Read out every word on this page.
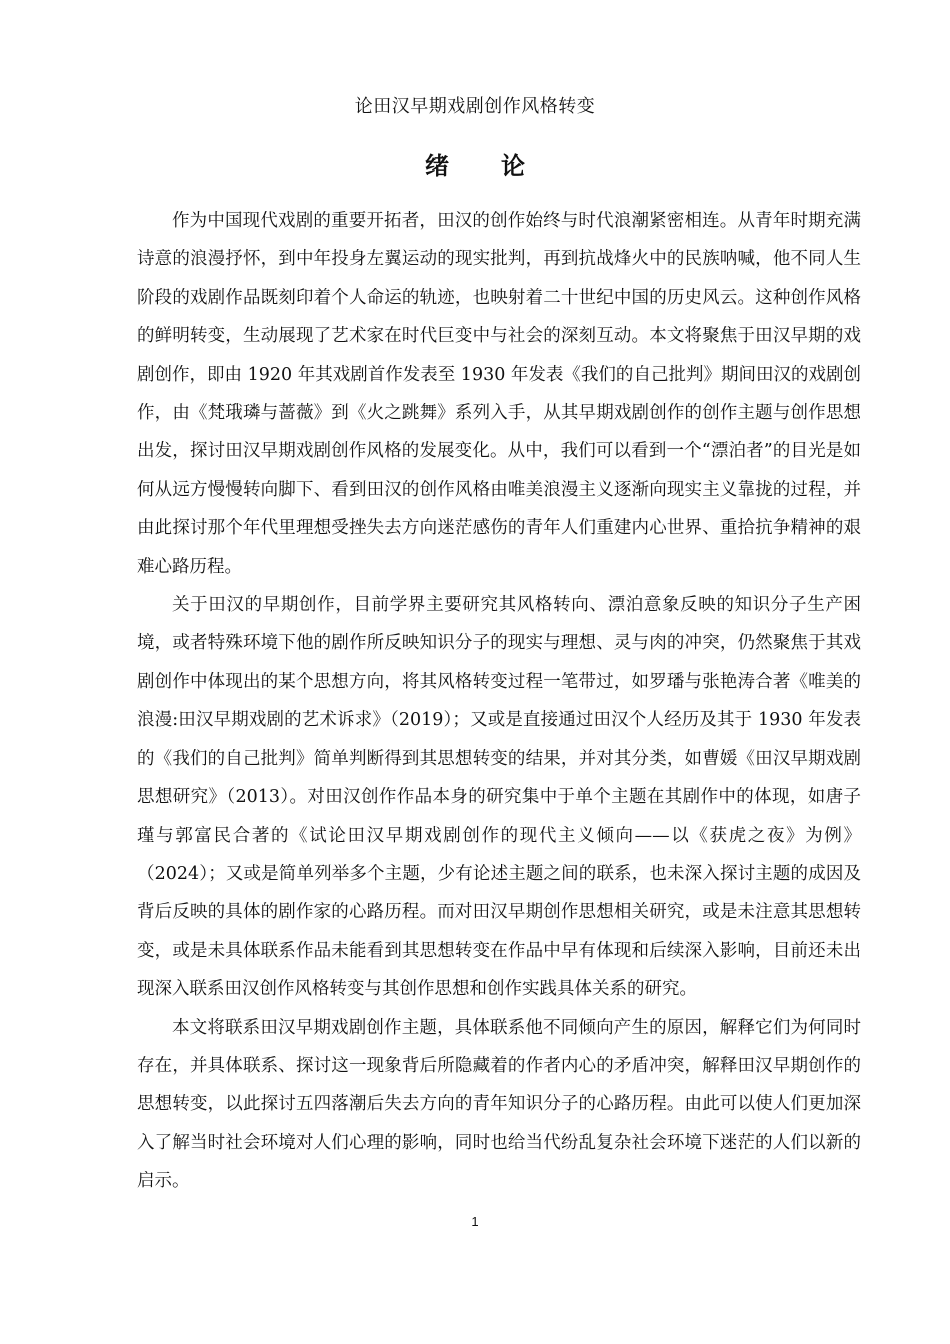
论田汉早期戏剧创作风格转变
绪论

作为中国现代戏剧的重要开拓者，田汉的创作始终与时代浪潮紧密相连。从青年时期充满诗意的浪漫抒怀，到中年投身左翼运动的现实批判，再到抗战烽火中的民族呐喊，他不同人生阶段的戏剧作品既刻印着个人命运的轨迹，也映射着二十世纪中国的历史风云。这种创作风格的鲜明转变，生动展现了艺术家在时代巨变中与社会的深刻互动。本文将聚焦于田汉早期的戏剧创作，即由 1920 年其戏剧首作发表至 1930 年发表《我们的自己批判》期间田汉的戏剧创作，由《梵珴璘与蔷薇》到《火之跳舞》系列入手，从其早期戏剧创作的创作主题与创作思想出发，探讨田汉早期戏剧创作风格的发展变化。从中，我们可以看到一个“漂泊者”的目光是如何从远方慢慢转向脚下、看到田汉的创作风格由唯美浪漫主义逐渐向现实主义靠拢的过程，并由此探讨那个年代里理想受挫失去方向迷茫感伤的青年人们重建内心世界、重拾抗争精神的艰难心路历程。

关于田汉的早期创作，目前学界主要研究其风格转向、漂泊意象反映的知识分子生产困境，或者特殊环境下他的剧作所反映知识分子的现实与理想、灵与肉的冲突，仍然聚焦于其戏剧创作中体现出的某个思想方向，将其风格转变过程一笔带过，如罗璠与张艳涛合著《唯美的浪漫:田汉早期戏剧的艺术诉求》（2019）；又或是直接通过田汉个人经历及其于 1930 年发表的《我们的自己批判》简单判断得到其思想转变的结果，并对其分类，如曹媛《田汉早期戏剧思想研究》（2013）。对田汉创作作品本身的研究集中于单个主题在其剧作中的体现，如唐子瑾与郭富民合著的《试论田汉早期戏剧创作的现代主义倾向——以《获虎之夜》为例》（2024）；又或是简单列举多个主题，少有论述主题之间的联系，也未深入探讨主题的成因及背后反映的具体的剧作家的心路历程。而对田汉早期创作思想相关研究，或是未注意其思想转变，或是未具体联系作品未能看到其思想转变在作品中早有体现和后续深入影响，目前还未出现深入联系田汉创作风格转变与其创作思想和创作实践具体关系的研究。

本文将联系田汉早期戏剧创作主题，具体联系他不同倾向产生的原因，解释它们为何同时存在，并具体联系、探讨这一现象背后所隐藏着的作者内心的矛盾冲突，解释田汉早期创作的思想转变，以此探讨五四落潮后失去方向的青年知识分子的心路历程。由此可以使人们更加深入了解当时社会环境对人们心理的影响，同时也给当代纷乱复杂社会环境下迷茫的人们以新的启示。

1
